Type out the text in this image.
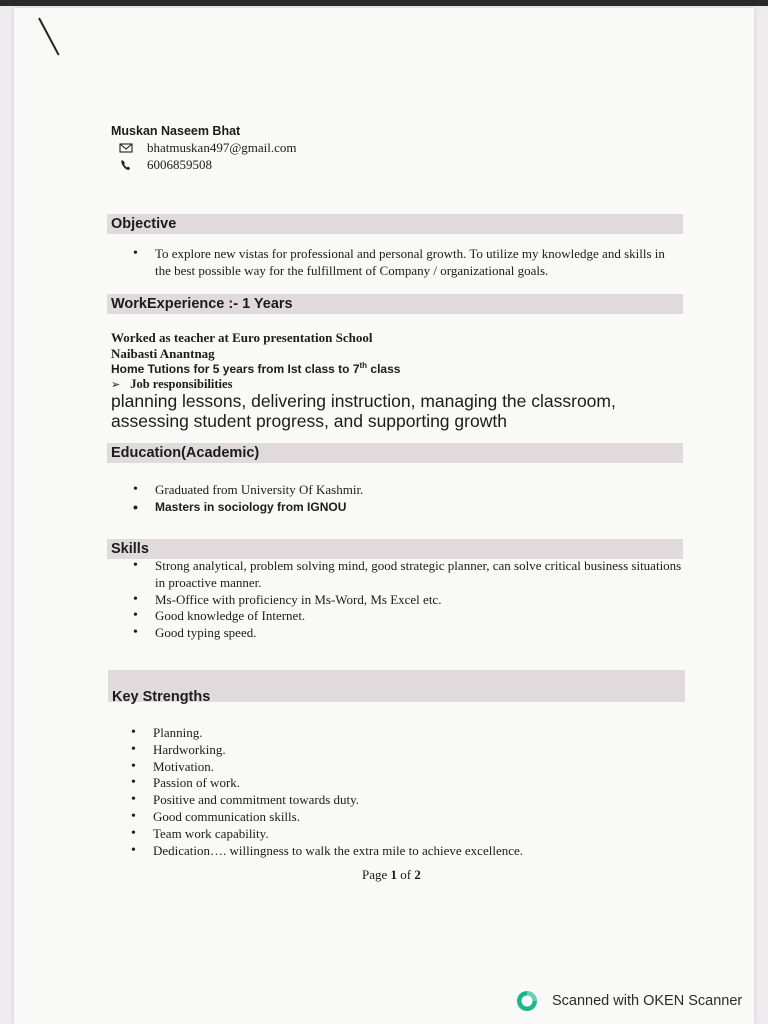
Muskan Naseem Bhat
bhatmuskan497@gmail.com
6006859508
Objective
• To explore new vistas for professional and personal growth. To utilize my knowledge and skills in the best possible way for the fulfillment of Company / organizational goals.
WorkExperience :- 1 Years
Worked as teacher at Euro presentation School
Naibasti Anantnag
Home Tutions for 5 years from Ist class to 7th class
➢ Job responsibilities
planning lessons, delivering instruction, managing the classroom,
assessing student progress, and supporting growth
Education(Academic)
• Graduated from University Of Kashmir.
• Masters in sociology from IGNOU
Skills
• Strong analytical, problem solving mind, good strategic planner, can solve critical business situations in proactive manner.
• Ms-Office with proficiency in Ms-Word, Ms Excel etc.
• Good knowledge of Internet.
• Good typing speed.
Key Strengths
• Planning.
• Hardworking.
• Motivation.
• Passion of work.
• Positive and commitment towards duty.
• Good communication skills.
• Team work capability.
• Dedication…. willingness to walk the extra mile to achieve excellence.
Page 1 of 2
Scanned with OKEN Scanner
